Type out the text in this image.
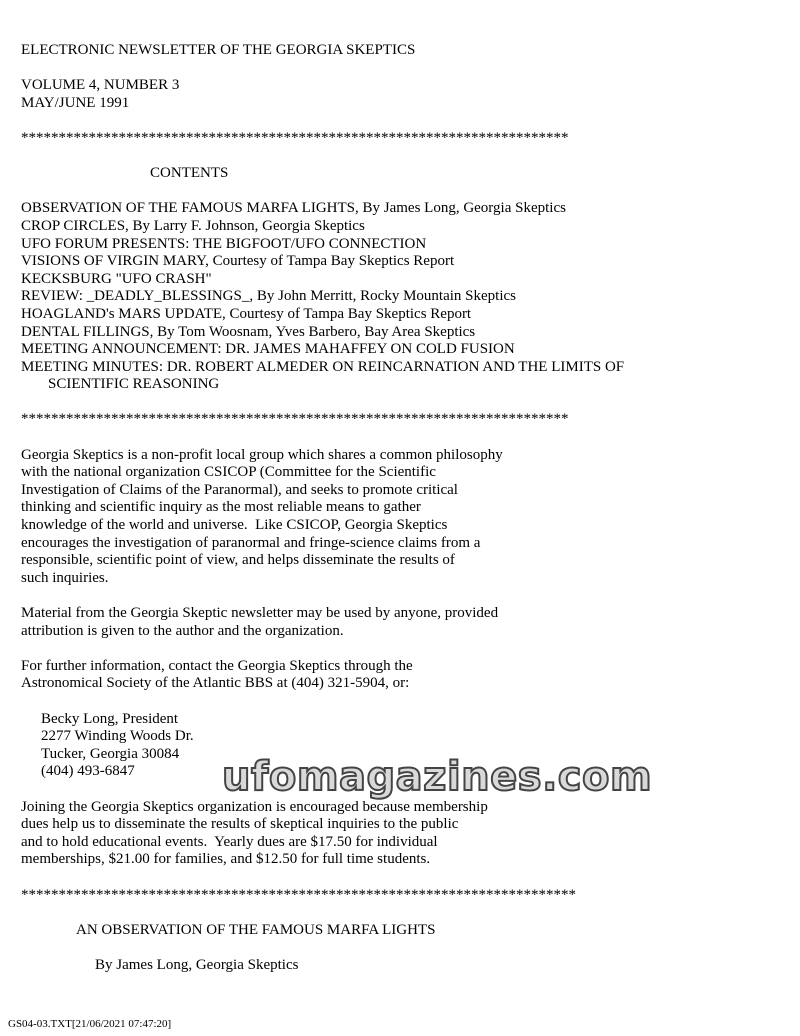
ELECTRONIC NEWSLETTER OF THE GEORGIA SKEPTICS
VOLUME 4, NUMBER 3
MAY/JUNE 1991
*************************************************************************
CONTENTS
OBSERVATION OF THE FAMOUS MARFA LIGHTS, By James Long, Georgia Skeptics
CROP CIRCLES, By Larry F. Johnson, Georgia Skeptics
UFO FORUM PRESENTS: THE BIGFOOT/UFO CONNECTION
VISIONS OF VIRGIN MARY, Courtesy of Tampa Bay Skeptics Report
KECKSBURG "UFO CRASH"
REVIEW: _DEADLY_BLESSINGS_, By John Merritt, Rocky Mountain Skeptics
HOAGLAND's MARS UPDATE, Courtesy of Tampa Bay Skeptics Report
DENTAL FILLINGS, By Tom Woosnam, Yves Barbero, Bay Area Skeptics
MEETING ANNOUNCEMENT: DR. JAMES MAHAFFEY ON COLD FUSION
MEETING MINUTES: DR. ROBERT ALMEDER ON REINCARNATION AND THE LIMITS OF
SCIENTIFIC REASONING
*************************************************************************
Georgia Skeptics is a non-profit local group which shares a common philosophy
with the national organization CSICOP (Committee for the Scientific
Investigation of Claims of the Paranormal), and seeks to promote critical
thinking and scientific inquiry as the most reliable means to gather
knowledge of the world and universe.  Like CSICOP, Georgia Skeptics
encourages the investigation of paranormal and fringe-science claims from a
responsible, scientific point of view, and helps disseminate the results of
such inquiries.
Material from the Georgia Skeptic newsletter may be used by anyone, provided
attribution is given to the author and the organization.
For further information, contact the Georgia Skeptics through the
Astronomical Society of the Atlantic BBS at (404) 321-5904, or:
Becky Long, President
2277 Winding Woods Dr.
Tucker, Georgia 30084
(404) 493-6847
Joining the Georgia Skeptics organization is encouraged because membership
dues help us to disseminate the results of skeptical inquiries to the public
and to hold educational events.  Yearly dues are $17.50 for individual
memberships, $21.00 for families, and $12.50 for full time students.
**************************************************************************
AN OBSERVATION OF THE FAMOUS MARFA LIGHTS
By James Long, Georgia Skeptics
ufomagazines.com
GS04-03.TXT[21/06/2021 07:47:20]
